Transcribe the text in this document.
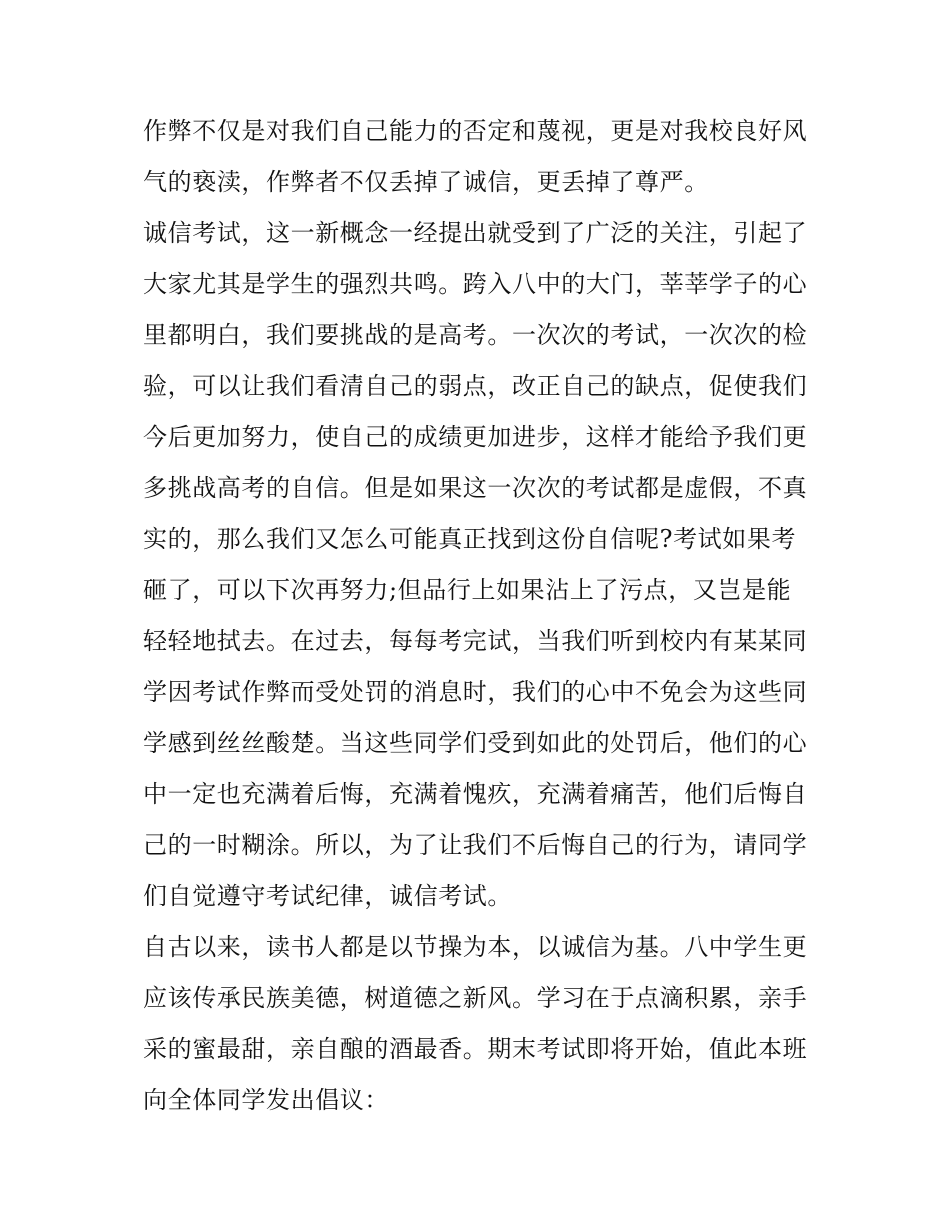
作弊不仅是对我们自己能力的否定和蔑视，更是对我校良好风
气的亵渎，作弊者不仅丢掉了诚信，更丢掉了尊严。
诚信考试，这一新概念一经提出就受到了广泛的关注，引起了
大家尤其是学生的强烈共鸣。跨入八中的大门，莘莘学子的心
里都明白，我们要挑战的是高考。一次次的考试，一次次的检
验，可以让我们看清自己的弱点，改正自己的缺点，促使我们
今后更加努力，使自己的成绩更加进步，这样才能给予我们更
多挑战高考的自信。但是如果这一次次的考试都是虚假，不真
实的，那么我们又怎么可能真正找到这份自信呢?考试如果考
砸了，可以下次再努力;但品行上如果沾上了污点，又岂是能
轻轻地拭去。在过去，每每考完试，当我们听到校内有某某同
学因考试作弊而受处罚的消息时，我们的心中不免会为这些同
学感到丝丝酸楚。当这些同学们受到如此的处罚后，他们的心
中一定也充满着后悔，充满着愧疚，充满着痛苦，他们后悔自
己的一时糊涂。所以，为了让我们不后悔自己的行为，请同学
们自觉遵守考试纪律，诚信考试。
自古以来，读书人都是以节操为本，以诚信为基。八中学生更
应该传承民族美德，树道德之新风。学习在于点滴积累，亲手
采的蜜最甜，亲自酿的酒最香。期末考试即将开始，值此本班
向全体同学发出倡议：
